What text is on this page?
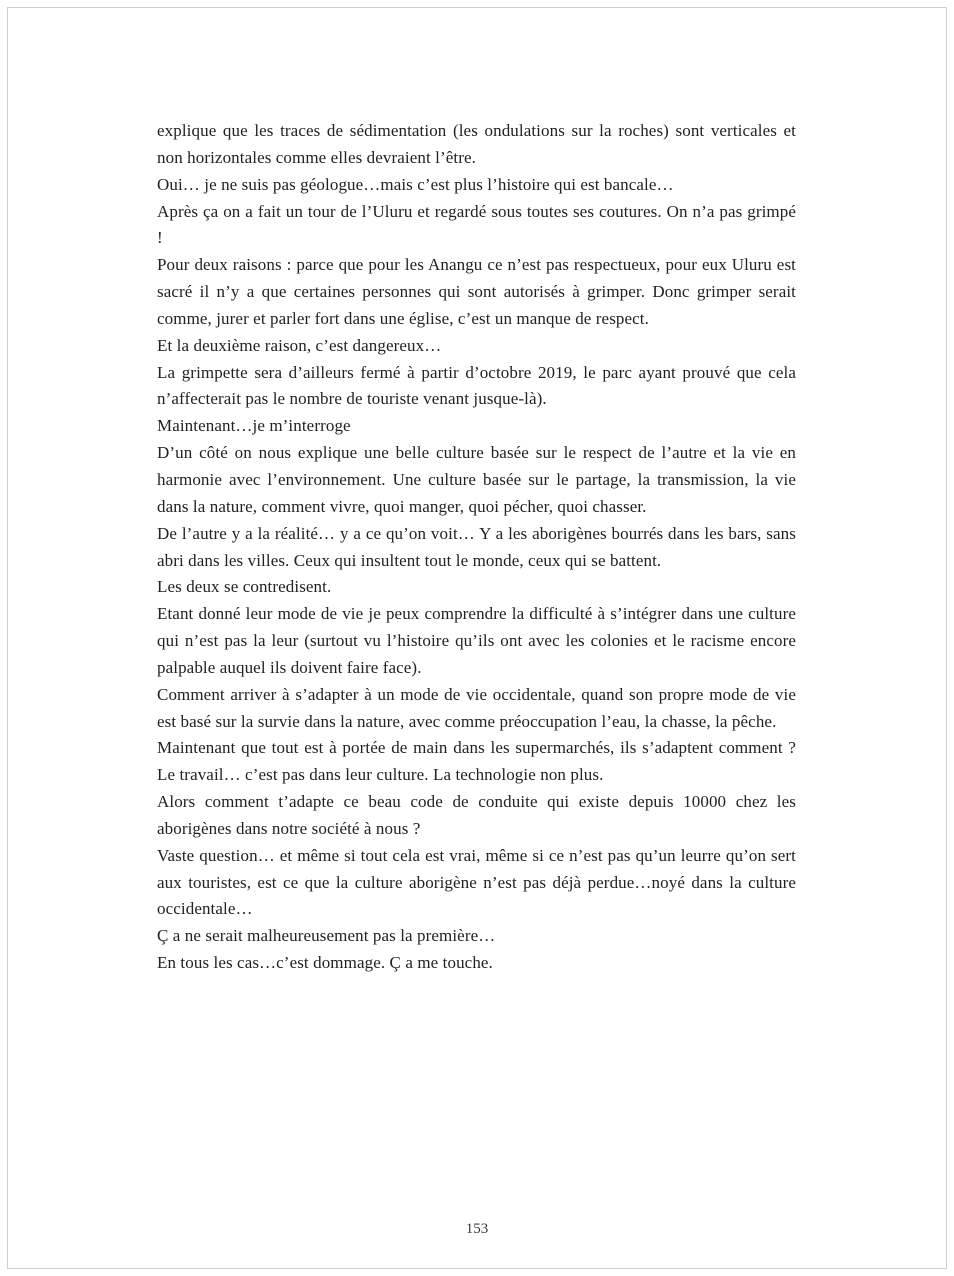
explique que les traces de sédimentation (les ondulations sur la roches) sont verticales et non horizontales comme elles devraient l’être.

Oui… je ne suis pas géologue…mais c’est plus l’histoire qui est bancale…

Après ça on a fait un tour de l’Uluru et regardé sous toutes ses coutures. On n’a pas grimpé !

Pour deux raisons : parce que pour les Anangu ce n’est pas respectueux, pour eux Uluru est sacré il n’y a que certaines personnes qui sont autorisés à grimper. Donc grimper serait comme, jurer et parler fort dans une église, c’est un manque de respect.

Et la deuxième raison, c’est dangereux…

La grimpette sera d’ailleurs fermé à partir d’octobre 2019, le parc ayant prouvé que cela n’affecterait pas le nombre de touriste venant jusque-là).

Maintenant…je m’interroge

D’un côté on nous explique une belle culture basée sur le respect de l’autre et la vie en harmonie avec l’environnement. Une culture basée sur le partage, la transmission, la vie dans la nature, comment vivre, quoi manger, quoi pécher, quoi chasser.

De l’autre y a la réalité… y a ce qu’on voit… Y a les aborigènes bourrés dans les bars, sans abri dans les villes. Ceux qui insultent tout le monde, ceux qui se battent.

Les deux se contredisent.

Etant donné leur mode de vie je peux comprendre la difficulté à s’intégrer dans une culture qui n’est pas la leur (surtout vu l’histoire qu’ils ont avec les colonies et le racisme encore palpable auquel ils doivent faire face).

Comment arriver à s’adapter à un mode de vie occidentale, quand son propre mode de vie est basé sur la survie dans la nature, avec comme préoccupation l’eau, la chasse, la pêche.

Maintenant que tout est à portée de main dans les supermarchés, ils s’adaptent comment ? Le travail… c’est pas dans leur culture. La technologie non plus.

Alors comment t’adapte ce beau code de conduite qui existe depuis 10000 chez les aborigènes dans notre société à nous ?

Vaste question… et même si tout cela est vrai, même si ce n’est pas qu’un leurre qu’on sert aux touristes, est ce que la culture aborigène n’est pas déjà perdue…noyé dans la culture occidentale…

Ç a ne serait malheureusement pas la première…

En tous les cas…c’est dommage. Ç a me touche.

153
